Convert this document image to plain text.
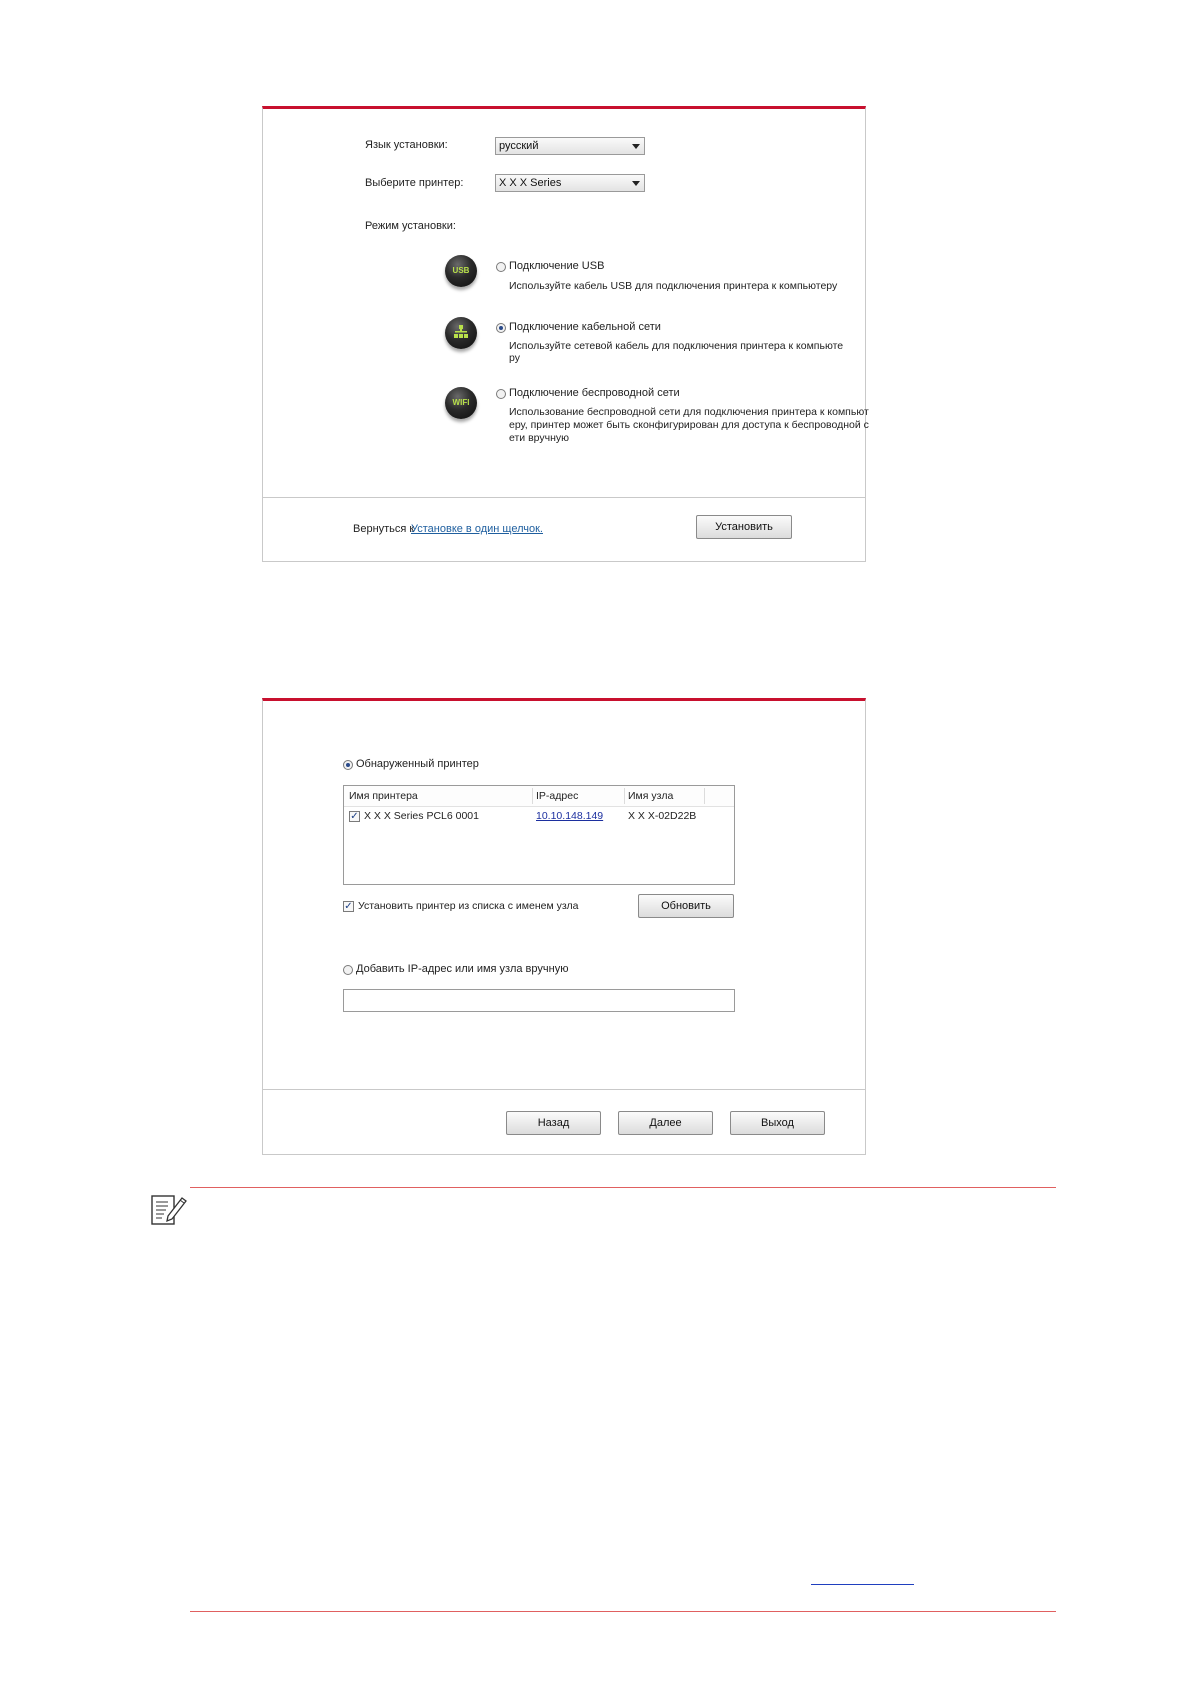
Язык установки:	русский
Выберите принтер:	X X X Series
Режим установки:
USB	Подключение USB
Используйте кабель USB для подключения принтера к компьютеру
Подключение кабельной сети
Используйте сетевой кабель для подключения принтера к компьюте
ру
WIFI
Подключение беспроводной сети
Использование беспроводной сети для подключения принтера к компьют
еру, принтер может быть сконфигурирован для доступа к беспроводной с
ети вручную
Вернуться к
Установке в один щелчок.	Установить
Обнаруженный принтер
Имя принтера	IP-адрес	Имя узла
✓ X X X Series PCL6 0001	10.10.148.149 X X X-02D22B
✓ Установить принтер из списка с именем узла	Обновить
Добавить IP-адрес или имя узла вручную
Назад	Далее	Выход
